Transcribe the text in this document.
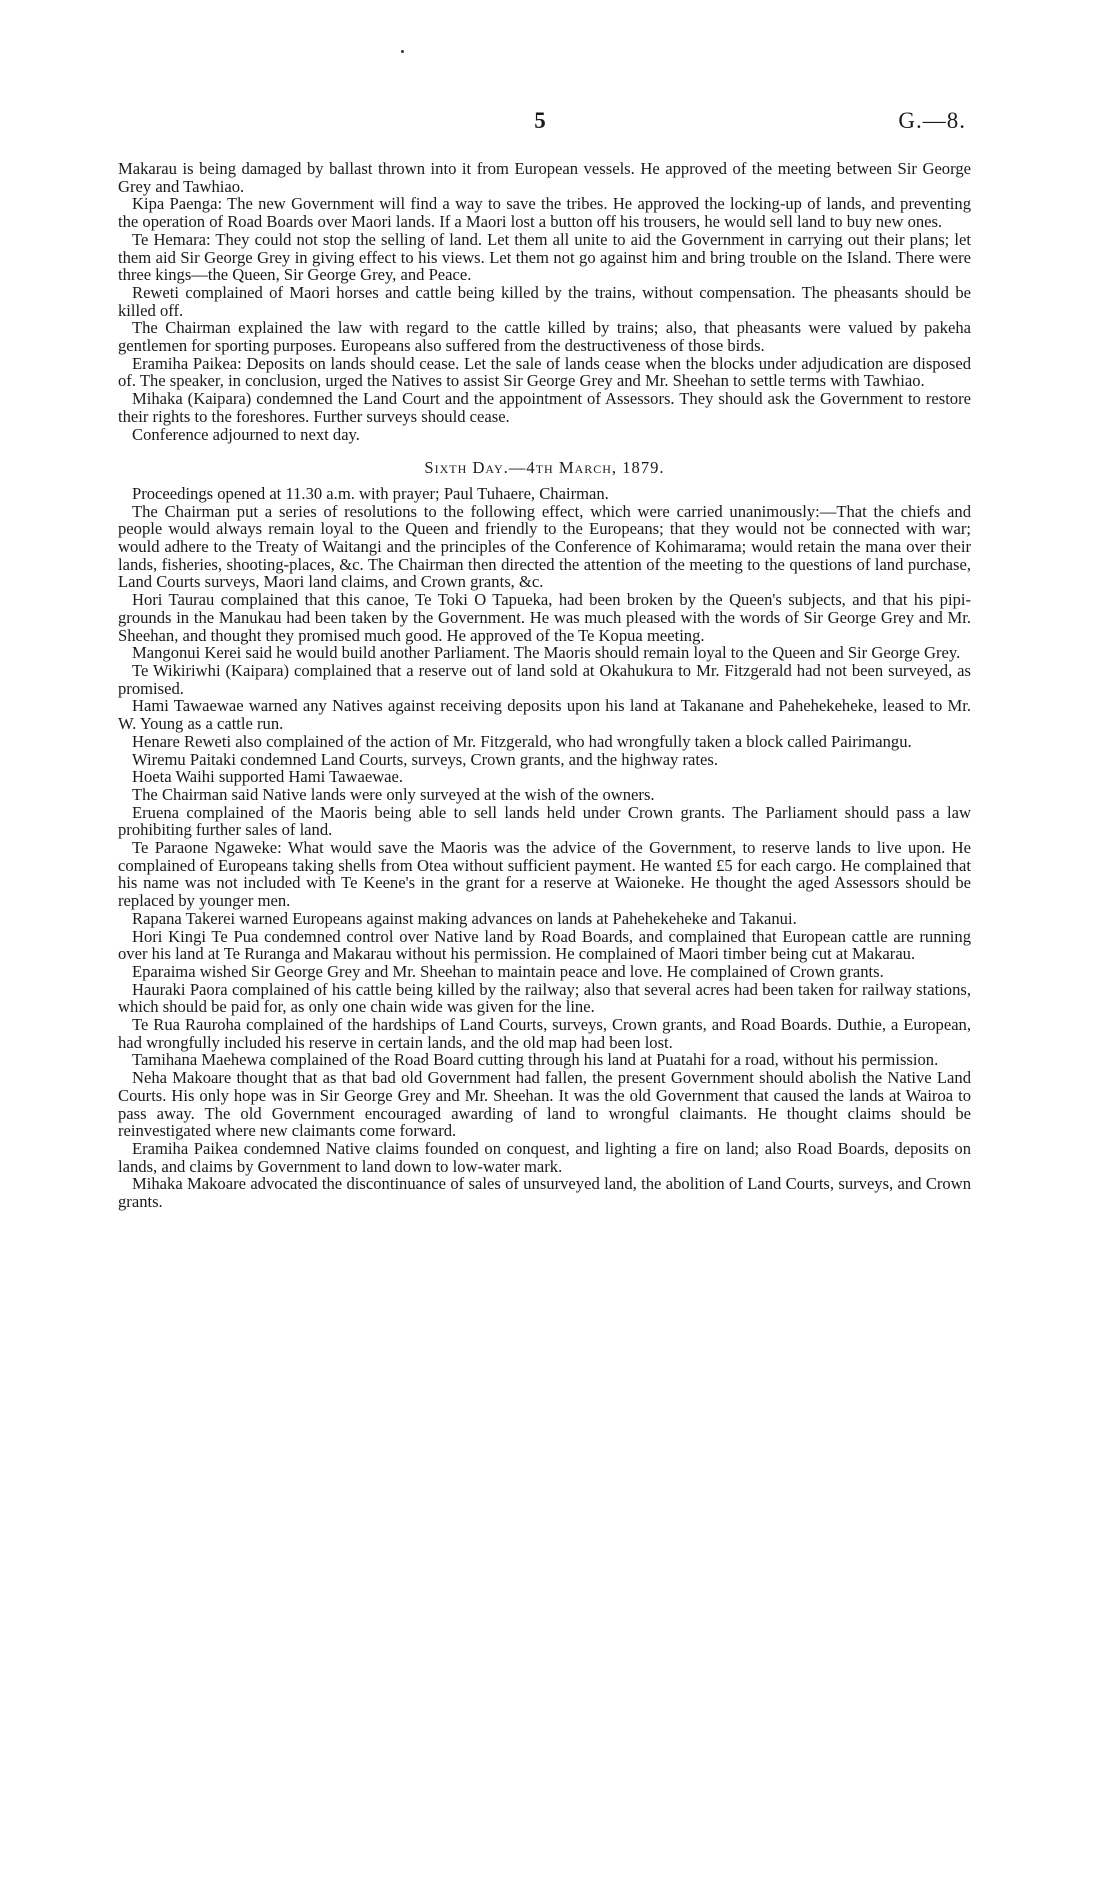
5	G.—8.

Makarau is being damaged by ballast thrown into it from European vessels. He approved of the meeting between Sir George Grey and Tawhiao.

Kipa Paenga: The new Government will find a way to save the tribes. He approved the locking-up of lands, and preventing the operation of Road Boards over Maori lands. If a Maori lost a button off his trousers, he would sell land to buy new ones.

Te Hemara: They could not stop the selling of land. Let them all unite to aid the Government in carrying out their plans; let them aid Sir George Grey in giving effect to his views. Let them not go against him and bring trouble on the Island. There were three kings—the Queen, Sir George Grey, and Peace.

Reweti complained of Maori horses and cattle being killed by the trains, without compensation. The pheasants should be killed off.

The Chairman explained the law with regard to the cattle killed by trains; also, that pheasants were valued by pakeha gentlemen for sporting purposes. Europeans also suffered from the destructiveness of those birds.

Eramiha Paikea: Deposits on lands should cease. Let the sale of lands cease when the blocks under adjudication are disposed of. The speaker, in conclusion, urged the Natives to assist Sir George Grey and Mr. Sheehan to settle terms with Tawhiao.

Mihaka (Kaipara) condemned the Land Court and the appointment of Assessors. They should ask the Government to restore their rights to the foreshores. Further surveys should cease.

Conference adjourned to next day.

Sixth Day.—4th March, 1879.

Proceedings opened at 11.30 a.m. with prayer; Paul Tuhaere, Chairman.

The Chairman put a series of resolutions to the following effect, which were carried unanimously:—That the chiefs and people would always remain loyal to the Queen and friendly to the Europeans; that they would not be connected with war; would adhere to the Treaty of Waitangi and the principles of the Conference of Kohimarama; would retain the mana over their lands, fisheries, shooting-places, &c. The Chairman then directed the attention of the meeting to the questions of land purchase, Land Courts surveys, Maori land claims, and Crown grants, &c.

Hori Taurau complained that this canoe, Te Toki O Tapueka, had been broken by the Queen's subjects, and that his pipi-grounds in the Manukau had been taken by the Government. He was much pleased with the words of Sir George Grey and Mr. Sheehan, and thought they promised much good. He approved of the Te Kopua meeting.

Mangonui Kerei said he would build another Parliament. The Maoris should remain loyal to the Queen and Sir George Grey.

Te Wikiriwhi (Kaipara) complained that a reserve out of land sold at Okahukura to Mr. Fitzgerald had not been surveyed, as promised.

Hami Tawaewae warned any Natives against receiving deposits upon his land at Takanane and Pahehekeheke, leased to Mr. W. Young as a cattle run.

Henare Reweti also complained of the action of Mr. Fitzgerald, who had wrongfully taken a block called Pairimangu.

Wiremu Paitaki condemned Land Courts, surveys, Crown grants, and the highway rates.

Hoeta Waihi supported Hami Tawaewae.

The Chairman said Native lands were only surveyed at the wish of the owners.

Eruena complained of the Maoris being able to sell lands held under Crown grants. The Parliament should pass a law prohibiting further sales of land.

Te Paraone Ngaweke: What would save the Maoris was the advice of the Government, to reserve lands to live upon. He complained of Europeans taking shells from Otea without sufficient payment. He wanted £5 for each cargo. He complained that his name was not included with Te Keene's in the grant for a reserve at Waioneke. He thought the aged Assessors should be replaced by younger men.

Rapana Takerei warned Europeans against making advances on lands at Pahehekeheke and Takanui.

Hori Kingi Te Pua condemned control over Native land by Road Boards, and complained that European cattle are running over his land at Te Ruranga and Makarau without his permission. He complained of Maori timber being cut at Makarau.

Eparaima wished Sir George Grey and Mr. Sheehan to maintain peace and love. He complained of Crown grants.

Hauraki Paora complained of his cattle being killed by the railway; also that several acres had been taken for railway stations, which should be paid for, as only one chain wide was given for the line.

Te Rua Rauroha complained of the hardships of Land Courts, surveys, Crown grants, and Road Boards. Duthie, a European, had wrongfully included his reserve in certain lands, and the old map had been lost.

Tamihana Maehewa complained of the Road Board cutting through his land at Puatahi for a road, without his permission.

Neha Makoare thought that as that bad old Government had fallen, the present Government should abolish the Native Land Courts. His only hope was in Sir George Grey and Mr. Sheehan. It was the old Government that caused the lands at Wairoa to pass away. The old Government encouraged awarding of land to wrongful claimants. He thought claims should be reinvestigated where new claimants come forward.

Eramiha Paikea condemned Native claims founded on conquest, and lighting a fire on land; also Road Boards, deposits on lands, and claims by Government to land down to low-water mark.

Mihaka Makoare advocated the discontinuance of sales of unsurveyed land, the abolition of Land Courts, surveys, and Crown grants.
